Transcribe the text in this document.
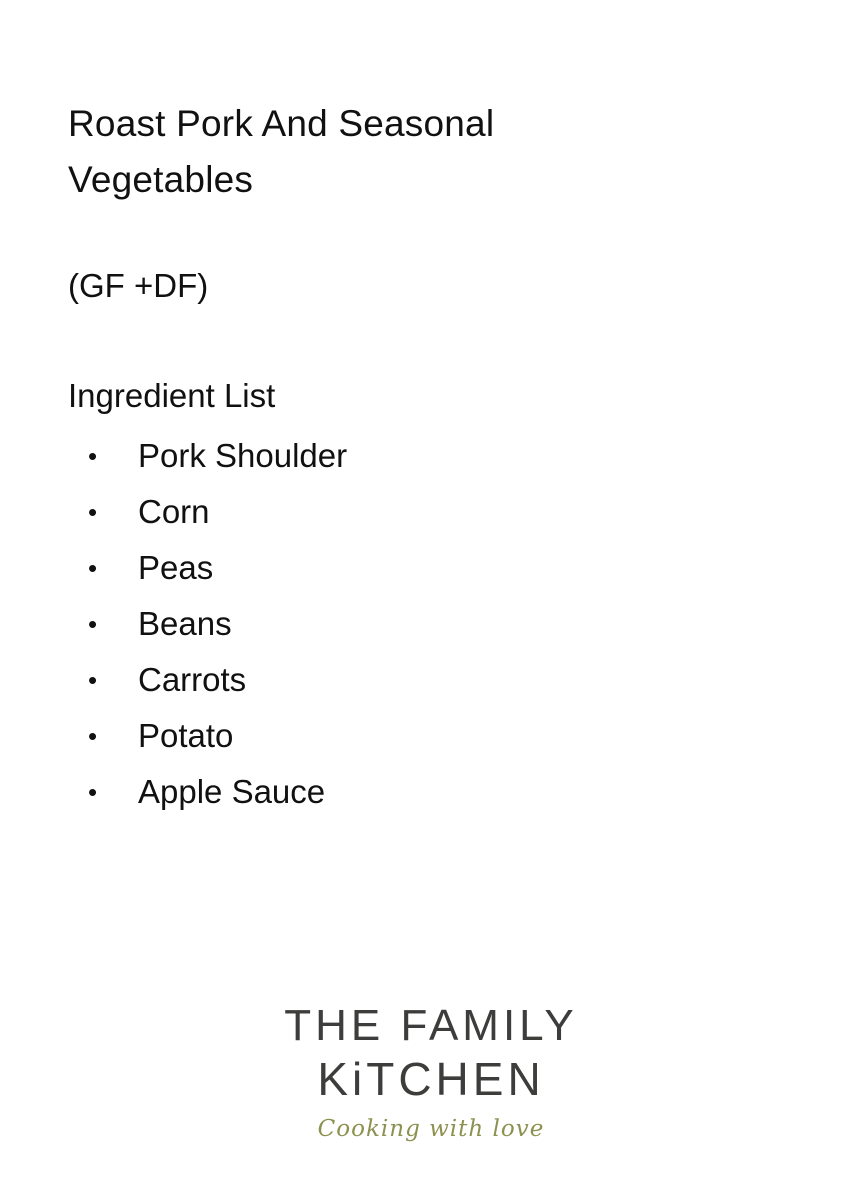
Roast Pork And Seasonal Vegetables
(GF +DF)
Ingredient List
• Pork Shoulder
• Corn
• Peas
• Beans
• Carrots
• Potato
• Apple Sauce
THE FAMILY
KiTCHEN
Cooking with love
